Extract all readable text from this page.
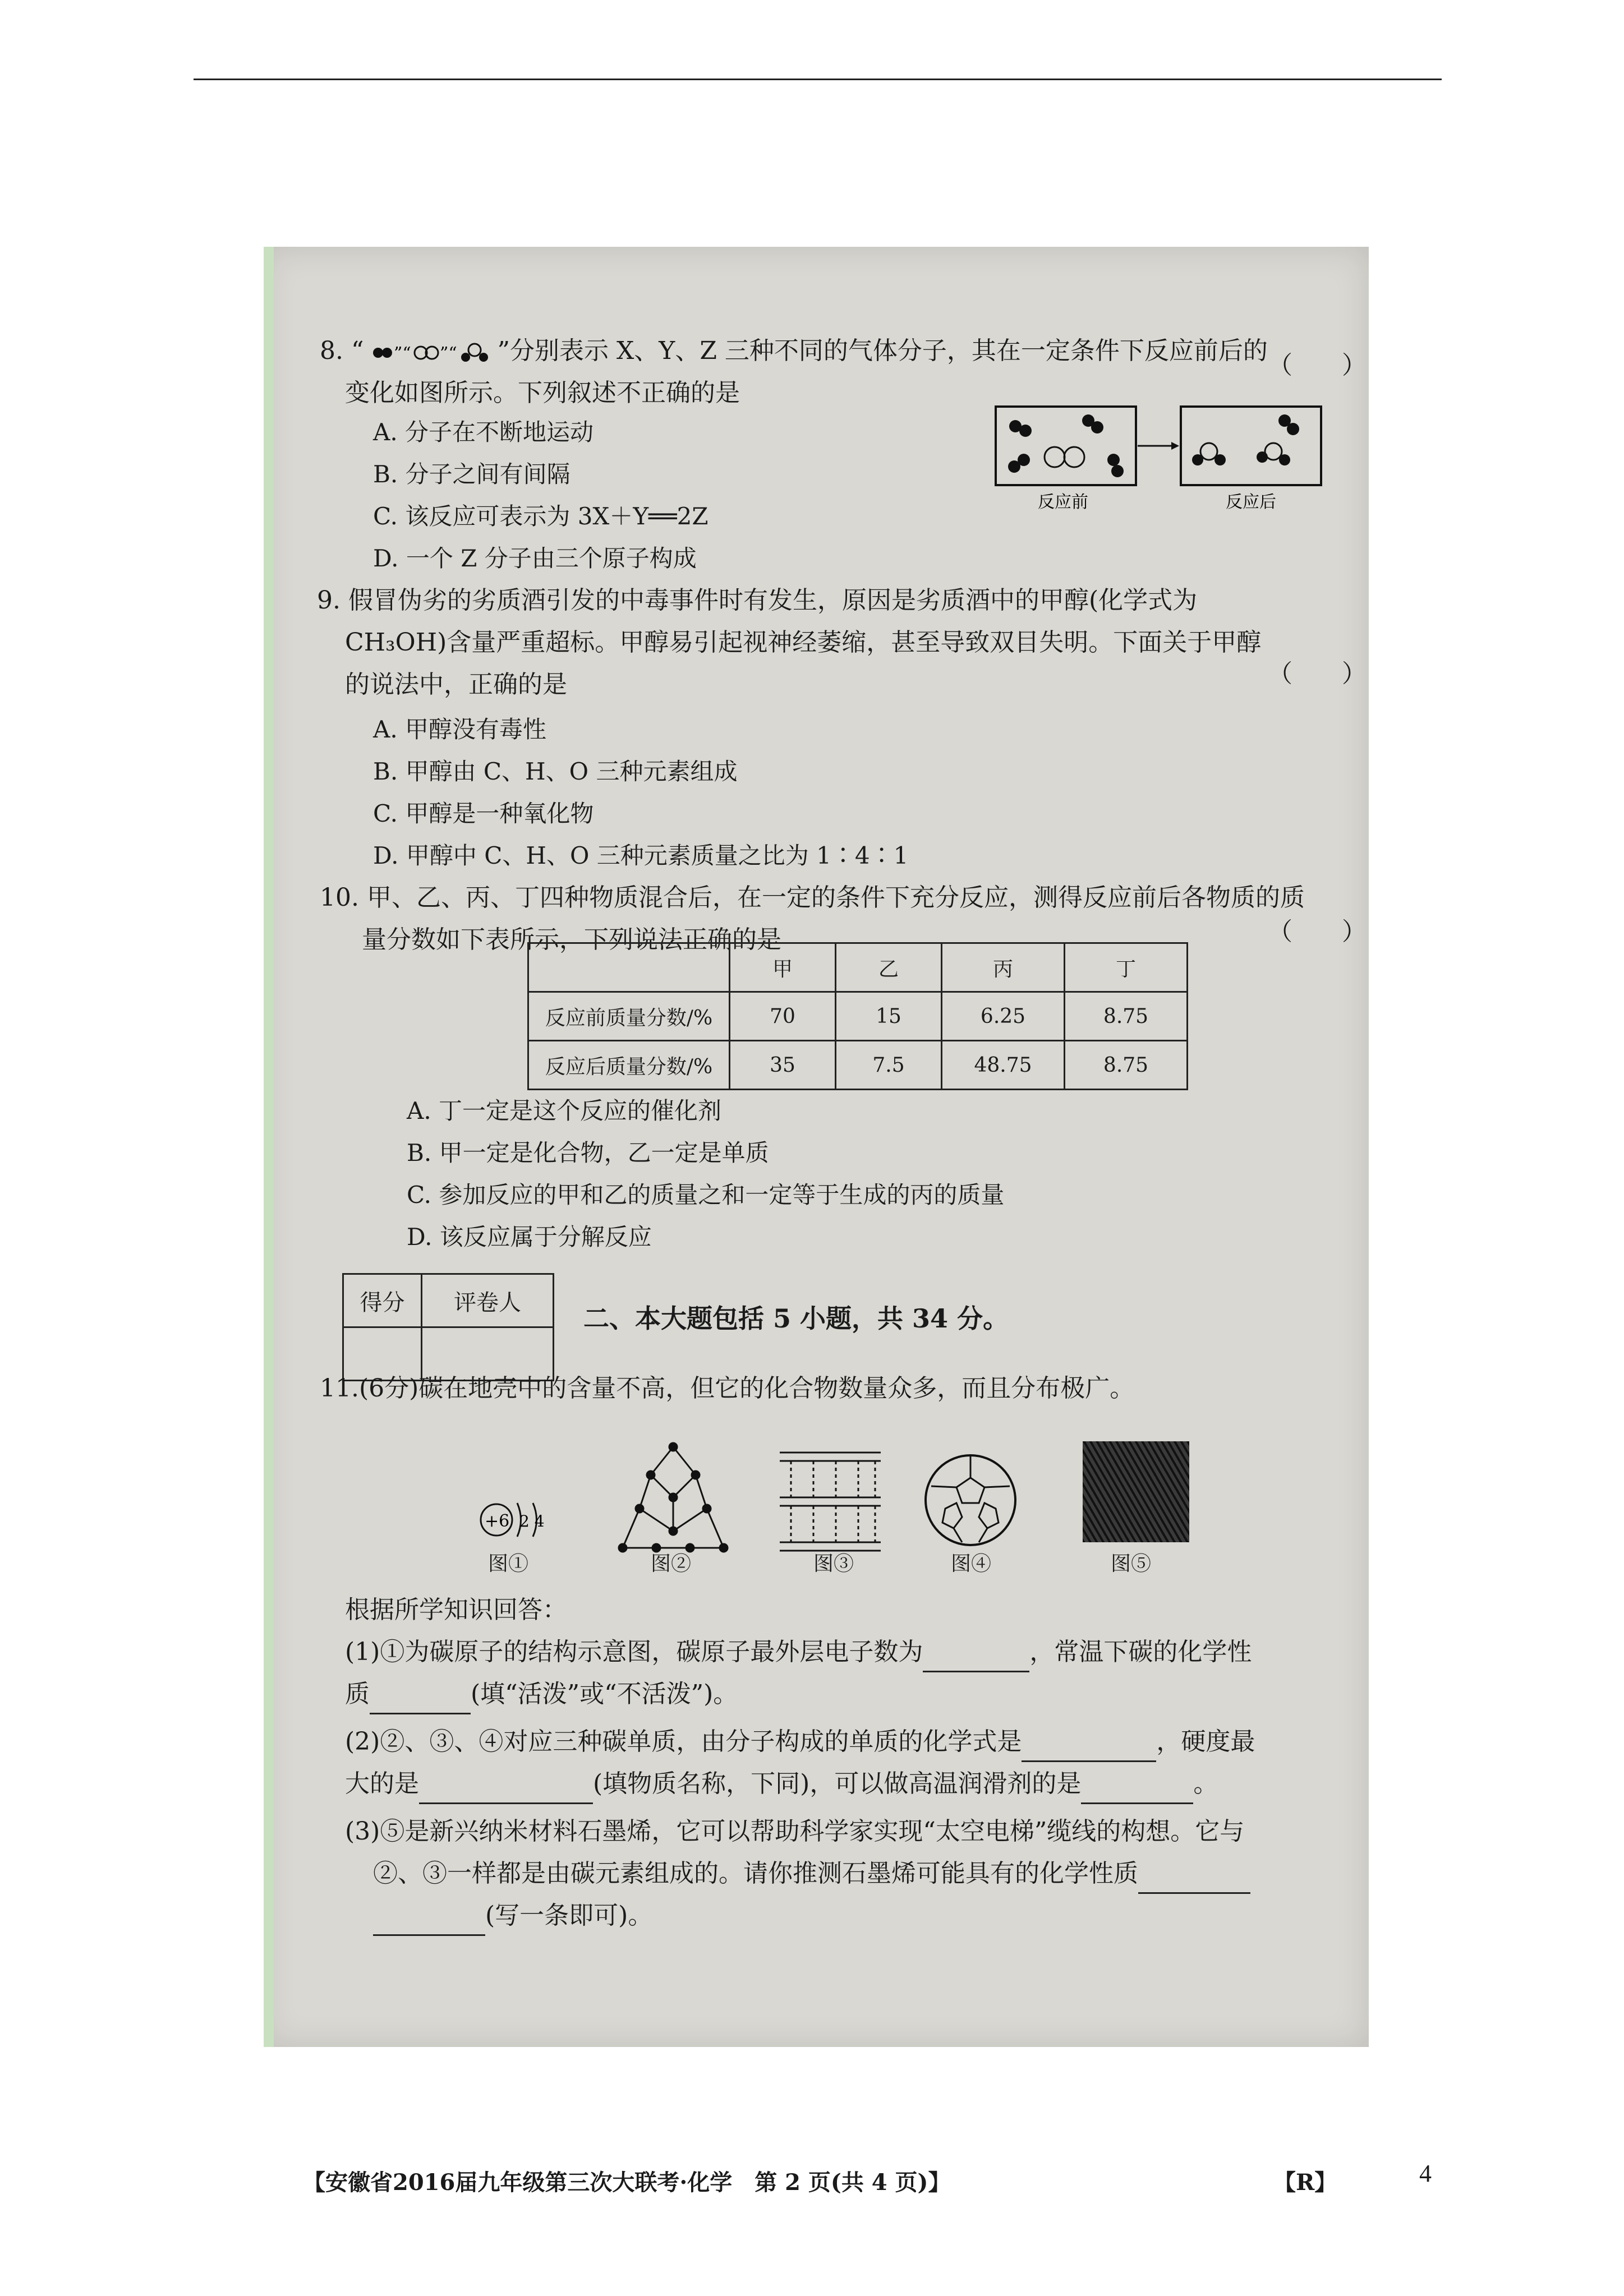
8. “ ”“ ”“ ”分别表示 X、Y、Z 三种不同的气体分子，其在一定条件下反应前后的
（　　）
变化如图所示。下列叙述不正确的是
A. 分子在不断地运动
B. 分子之间有间隔
C. 该反应可表示为 3X＋Y══2Z
D. 一个 Z 分子由三个原子构成
反应前	反应后
9. 假冒伪劣的劣质酒引发的中毒事件时有发生，原因是劣质酒中的甲醇(化学式为
CH₃OH)含量严重超标。甲醇易引起视神经萎缩，甚至导致双目失明。下面关于甲醇
的说法中，正确的是	（　　）
A. 甲醇没有毒性
B. 甲醇由 C、H、O 三种元素组成
C. 甲醇是一种氧化物
D. 甲醇中 C、H、O 三种元素质量之比为 1∶4∶1
10. 甲、乙、丙、丁四种物质混合后，在一定的条件下充分反应，测得反应前后各物质的质
量分数如下表所示，下列说法正确的是	（　　）
	甲	乙	丙	丁
反应前质量分数/%	70	15	6.25	8.75
反应后质量分数/%	35	7.5	48.75	8.75
A. 丁一定是这个反应的催化剂
B. 甲一定是化合物，乙一定是单质
C. 参加反应的甲和乙的质量之和一定等于生成的丙的质量
D. 该反应属于分解反应
得分	评卷人

二、本大题包括 5 小题，共 34 分。
11.(6分)碳在地壳中的含量不高，但它的化合物数量众多，而且分布极广。
+6 2 4
图①	图②	图③	图④	图⑤
根据所学知识回答：
(1)①为碳原子的结构示意图，碳原子最外层电子数为	，常温下碳的化学性
质	(填“活泼”或“不活泼”)。
(2)②、③、④对应三种碳单质，由分子构成的单质的化学式是	，硬度最
大的是	(填物质名称，下同)，可以做高温润滑剂的是	。
(3)⑤是新兴纳米材料石墨烯，它可以帮助科学家实现“太空电梯”缆线的构想。它与
②、③一样都是由碳元素组成的。请你推测石墨烯可能具有的化学性质
(写一条即可)。
【安徽省2016届九年级第三次大联考·化学　第 2 页(共 4 页)】	【R】	4
